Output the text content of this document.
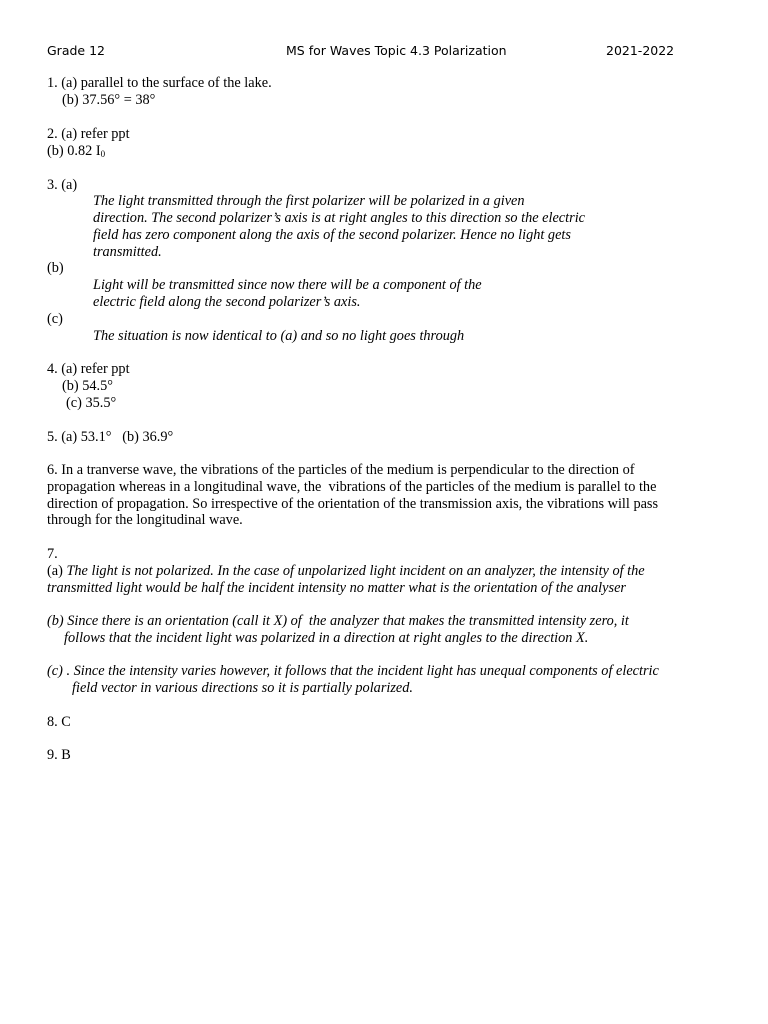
Grade 12	MS for Waves Topic 4.3 Polarization	2021-2022
1. (a) parallel to the surface of the lake.
(b) 37.56° = 38°
2. (a) refer ppt
(b) 0.82 $I_0$
3. (a)
The light transmitted through the first polarizer will be polarized in a given
direction. The second polarizer’s axis is at right angles to this direction so the electric
field has zero component along the axis of the second polarizer. Hence no light gets
transmitted.
(b)
Light will be transmitted since now there will be a component of the
electric field along the second polarizer’s axis.
(c)
The situation is now identical to (a) and so no light goes through
4. (a) refer ppt
(b) 54.5°
(c) 35.5°
5. (a) 53.1°   (b) 36.9°
6. In a tranverse wave, the vibrations of the particles of the medium is perpendicular to the direction of
propagation whereas in a longitudinal wave, the  vibrations of the particles of the medium is parallel to the
direction of propagation. So irrespective of the orientation of the transmission axis, the vibrations will pass
through for the longitudinal wave.
7.
(a) The light is not polarized. In the case of unpolarized light incident on an analyzer, the intensity of the
transmitted light would be half the incident intensity no matter what is the orientation of the analyser
(b) Since there is an orientation (call it X) of  the analyzer that makes the transmitted intensity zero, it
follows that the incident light was polarized in a direction at right angles to the direction X.
(c) . Since the intensity varies however, it follows that the incident light has unequal components of electric
field vector in various directions so it is partially polarized.
8. C
9. B
